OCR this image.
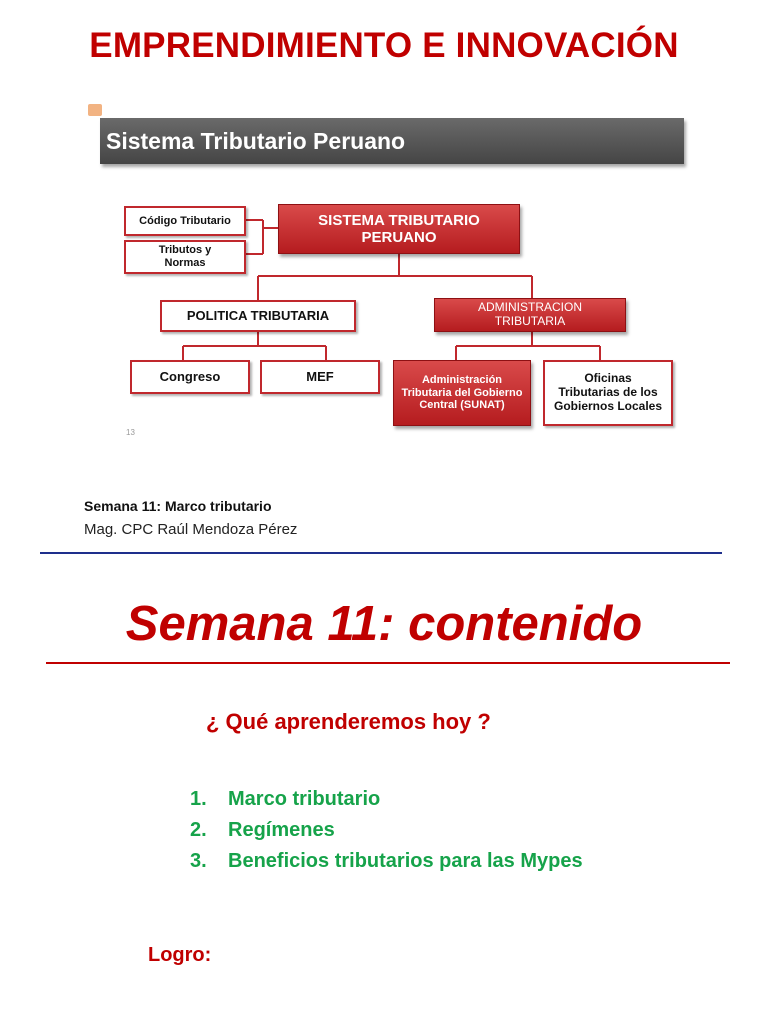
EMPRENDIMIENTO E INNOVACIÓN
Sistema Tributario Peruano
SISTEMA TRIBUTARIO PERUANO
Código Tributario
Tributos y Normas
POLITICA TRIBUTARIA
ADMINISTRACION TRIBUTARIA
Congreso	MEF	Administración Tributaria del Gobierno Central (SUNAT)
Oficinas Tributarias de los Gobiernos Locales
13
Semana 11: Marco tributario
Mag. CPC Raúl Mendoza Pérez
Semana 11: contenido
¿ Qué aprenderemos hoy ?
1. Marco tributario
2. Regímenes
3. Beneficios tributarios para las Mypes
Logro:
